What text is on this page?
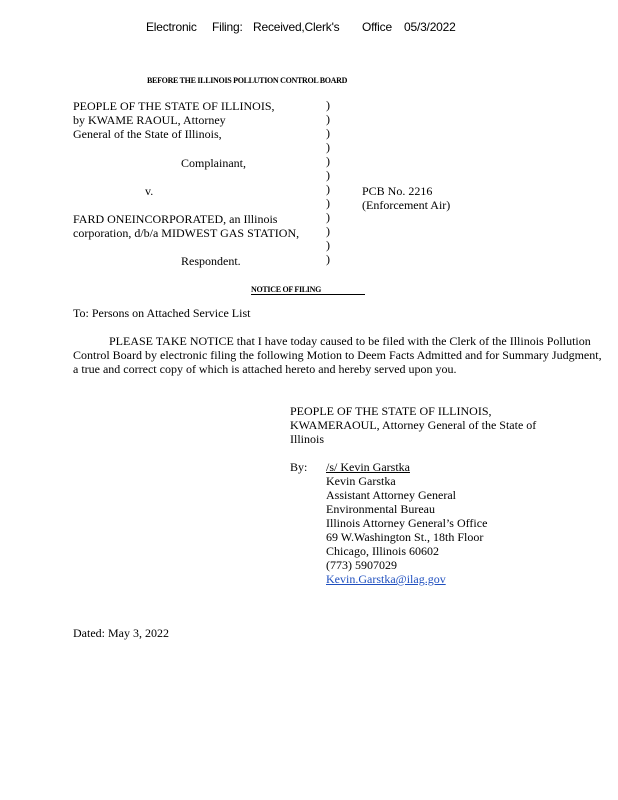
Electronic Filing: Received,Clerk's Office 05/3/2022
BEFORE THE ILLINOIS POLLUTION CONTROL BOARD
PEOPLE OF THE STATE OF ILLINOIS,
by KWAME RAOUL, Attorney
General of the State of Illinois,
Complainant,
v.
FARD ONEINCORPORATED, an Illinois
corporation, d/b/a MIDWEST GAS STATION,
Respondent.
)
)
)
)
)
)
)
)
)
)
)
)
PCB No. 2216
(Enforcement Air)
NOTICE OF FILING
To: Persons on Attached Service List
PLEASE TAKE NOTICE that I have today caused to be filed with the Clerk of the Illinois Pollution Control Board by electronic filing the following Motion to Deem Facts Admitted and for Summary Judgment, a true and correct copy of which is attached hereto and hereby served upon you.
PEOPLE OF THE STATE OF ILLINOIS,
KWAMERAOUL, Attorney General of the State of
Illinois
By: /s/ Kevin Garstka
Kevin Garstka
Assistant Attorney General
Environmental Bureau
Illinois Attorney General’s Office
69 W.Washington St., 18th Floor
Chicago, Illinois 60602
(773) 5907029
Kevin.Garstka@ilag.gov
Dated: May 3, 2022
